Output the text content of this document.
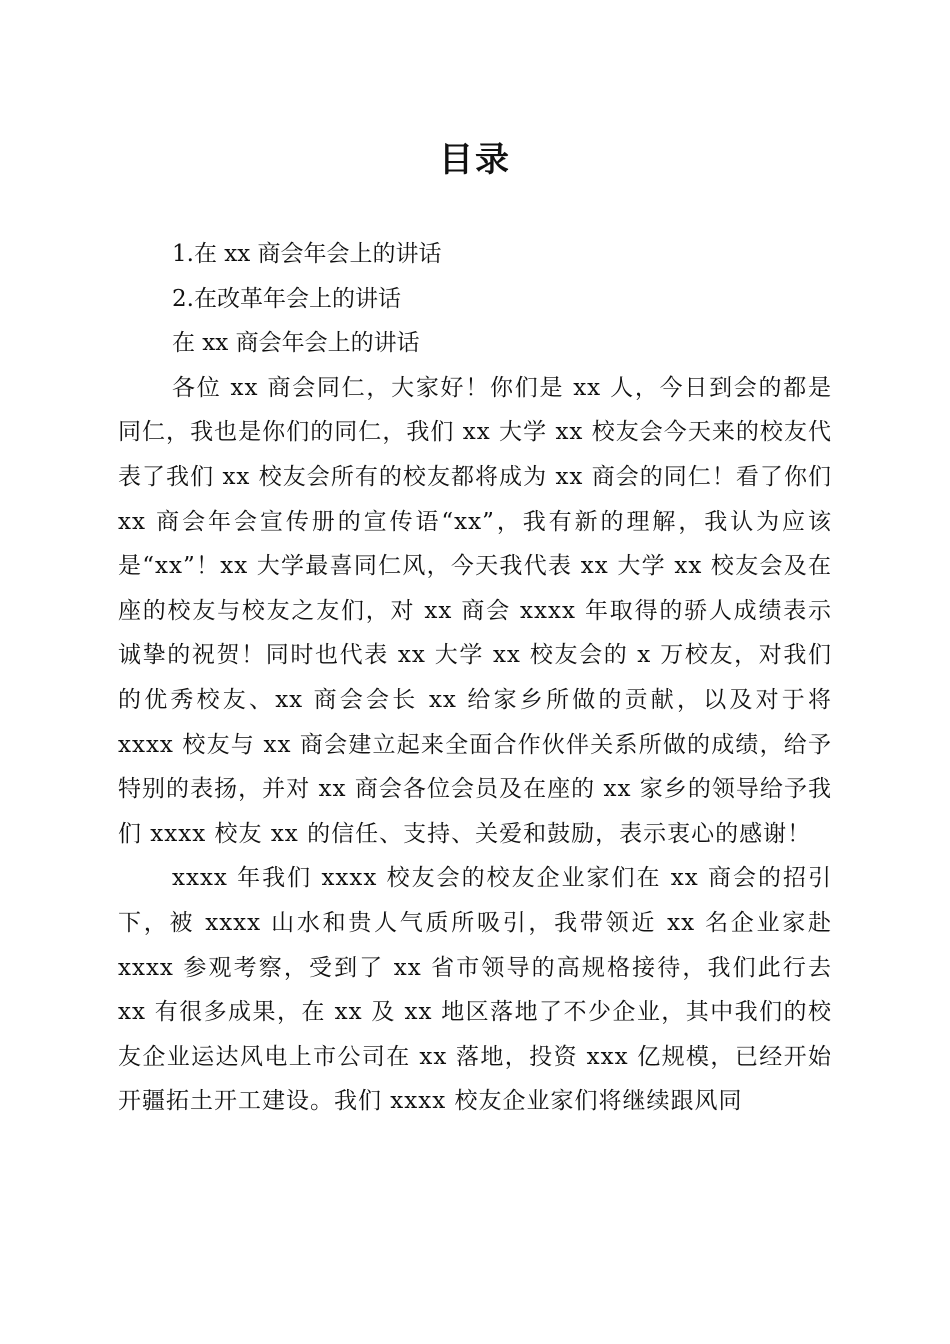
目录

1.在 xx 商会年会上的讲话

2.在改革年会上的讲话

在 xx 商会年会上的讲话

各位 xx 商会同仁，大家好！你们是 xx 人，今日到会的都是同仁，我也是你们的同仁，我们 xx 大学 xx 校友会今天来的校友代表了我们 xx 校友会所有的校友都将成为 xx 商会的同仁！看了你们 xx 商会年会宣传册的宣传语“xx”，我有新的理解，我认为应该是“xx”！xx 大学最喜同仁风，今天我代表 xx 大学 xx 校友会及在座的校友与校友之友们，对 xx 商会 xxxx 年取得的骄人成绩表示诚挚的祝贺！同时也代表 xx 大学 xx 校友会的 x 万校友，对我们的优秀校友、xx 商会会长 xx 给家乡所做的贡献，以及对于将 xxxx 校友与 xx 商会建立起来全面合作伙伴关系所做的成绩，给予特别的表扬，并对 xx 商会各位会员及在座的 xx 家乡的领导给予我们 xxxx 校友 xx 的信任、支持、关爱和鼓励，表示衷心的感谢！

xxxx 年我们 xxxx 校友会的校友企业家们在 xx 商会的招引下，被 xxxx 山水和贵人气质所吸引，我带领近 xx 名企业家赴 xxxx 参观考察，受到了 xx 省市领导的高规格接待，我们此行去 xx 有很多成果，在 xx 及 xx 地区落地了不少企业，其中我们的校友企业运达风电上市公司在 xx 落地，投资 xxx 亿规模，已经开始开疆拓土开工建设。我们 xxxx 校友企业家们将继续跟风同
